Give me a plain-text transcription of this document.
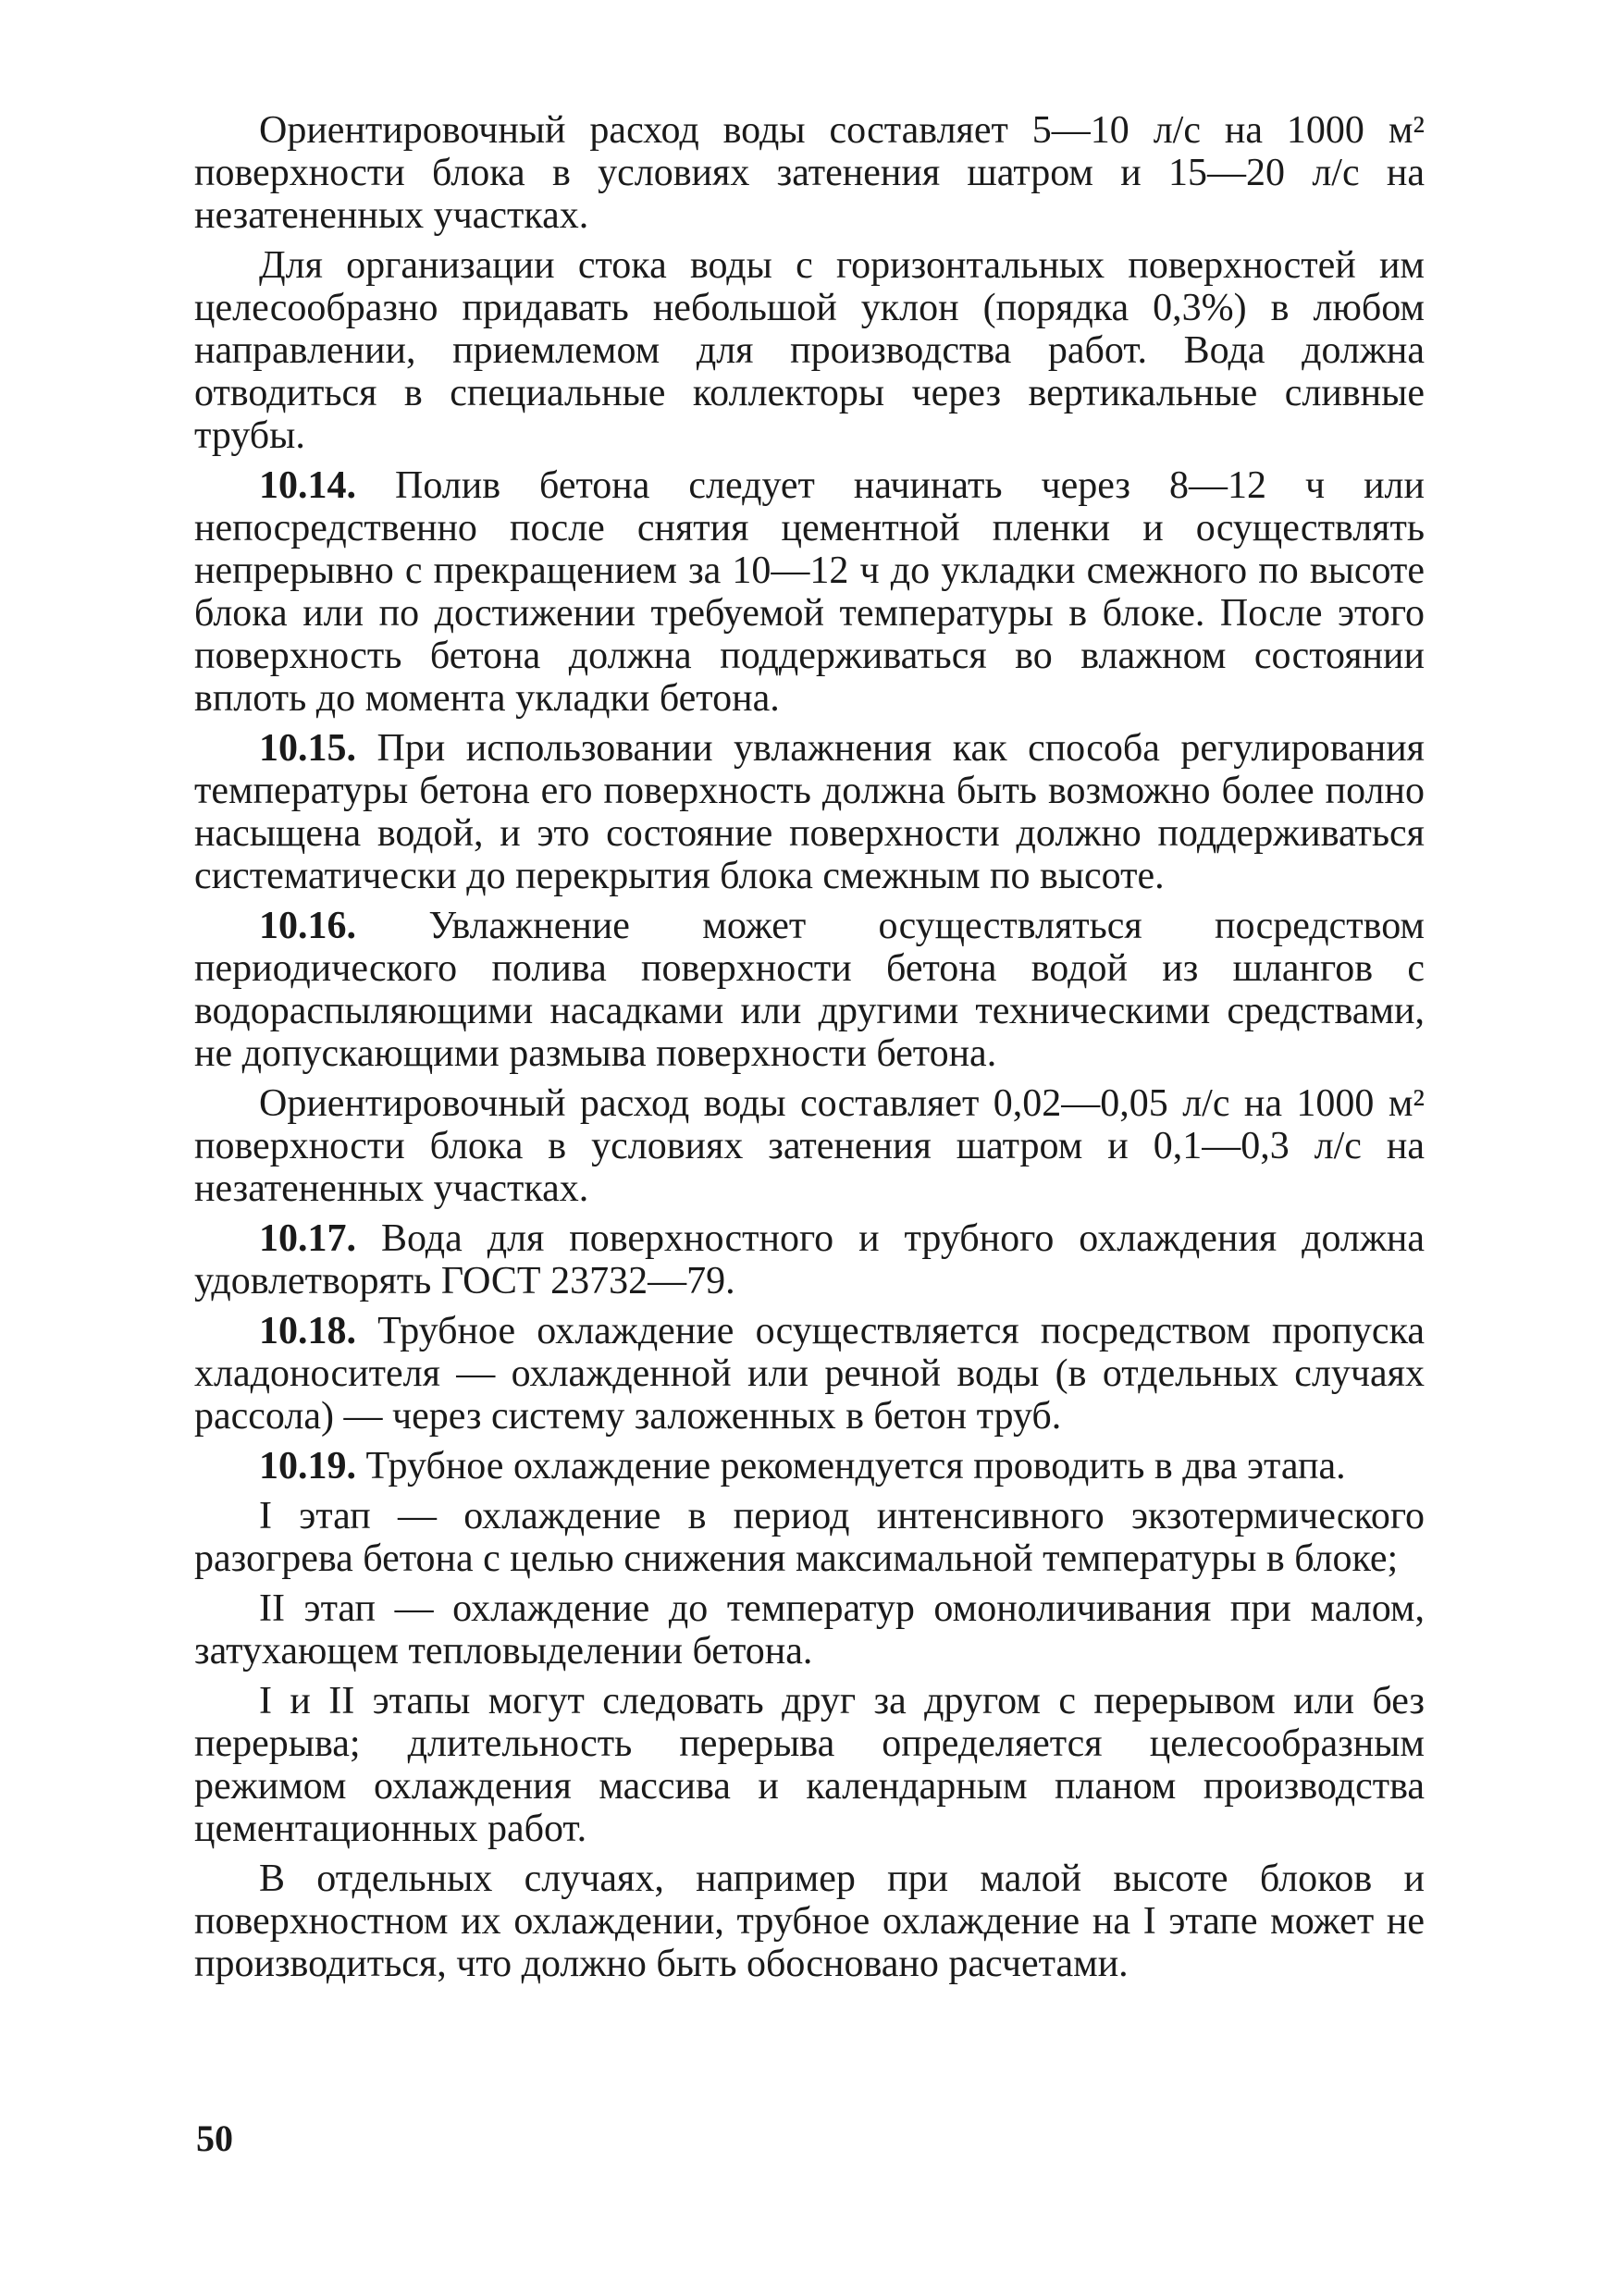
Ориентировочный расход воды составляет 5—10 л/с на 1000 м² поверхности блока в условиях затенения шатром и 15—20 л/с на незатененных участках.

Для организации стока воды с горизонтальных поверхностей им целесообразно придавать небольшой уклон (порядка 0,3%) в любом направлении, приемлемом для производства работ. Вода должна отводиться в специальные коллекторы через вертикальные сливные трубы.

10.14. Полив бетона следует начинать через 8—12 ч или непосредственно после снятия цементной пленки и осуществлять непрерывно с прекращением за 10—12 ч до укладки смежного по высоте блока или по достижении требуемой температуры в блоке. После этого поверхность бетона должна поддерживаться во влажном состоянии вплоть до момента укладки бетона.

10.15. При использовании увлажнения как способа регулирования температуры бетона его поверхность должна быть возможно более полно насыщена водой, и это состояние поверхности должно поддерживаться систематически до перекрытия блока смежным по высоте.

10.16. Увлажнение может осуществляться посредством периодического полива поверхности бетона водой из шлангов с водораспыляющими насадками или другими техническими средствами, не допускающими размыва поверхности бетона.

Ориентировочный расход воды составляет 0,02—0,05 л/с на 1000 м² поверхности блока в условиях затенения шатром и 0,1—0,3 л/с на незатененных участках.

10.17. Вода для поверхностного и трубного охлаждения должна удовлетворять ГОСТ 23732—79.

10.18. Трубное охлаждение осуществляется посредством пропуска хладоносителя — охлажденной или речной воды (в отдельных случаях рассола) — через систему заложенных в бетон труб.

10.19. Трубное охлаждение рекомендуется проводить в два этапа.

I этап — охлаждение в период интенсивного экзотермического разогрева бетона с целью снижения максимальной температуры в блоке;

II этап — охлаждение до температур омоноличивания при малом, затухающем тепловыделении бетона.

I и II этапы могут следовать друг за другом с перерывом или без перерыва; длительность перерыва определяется целесообразным режимом охлаждения массива и календарным планом производства цементационных работ.

В отдельных случаях, например при малой высоте блоков и поверхностном их охлаждении, трубное охлаждение на I этапе может не производиться, что должно быть обосновано расчетами.

50
